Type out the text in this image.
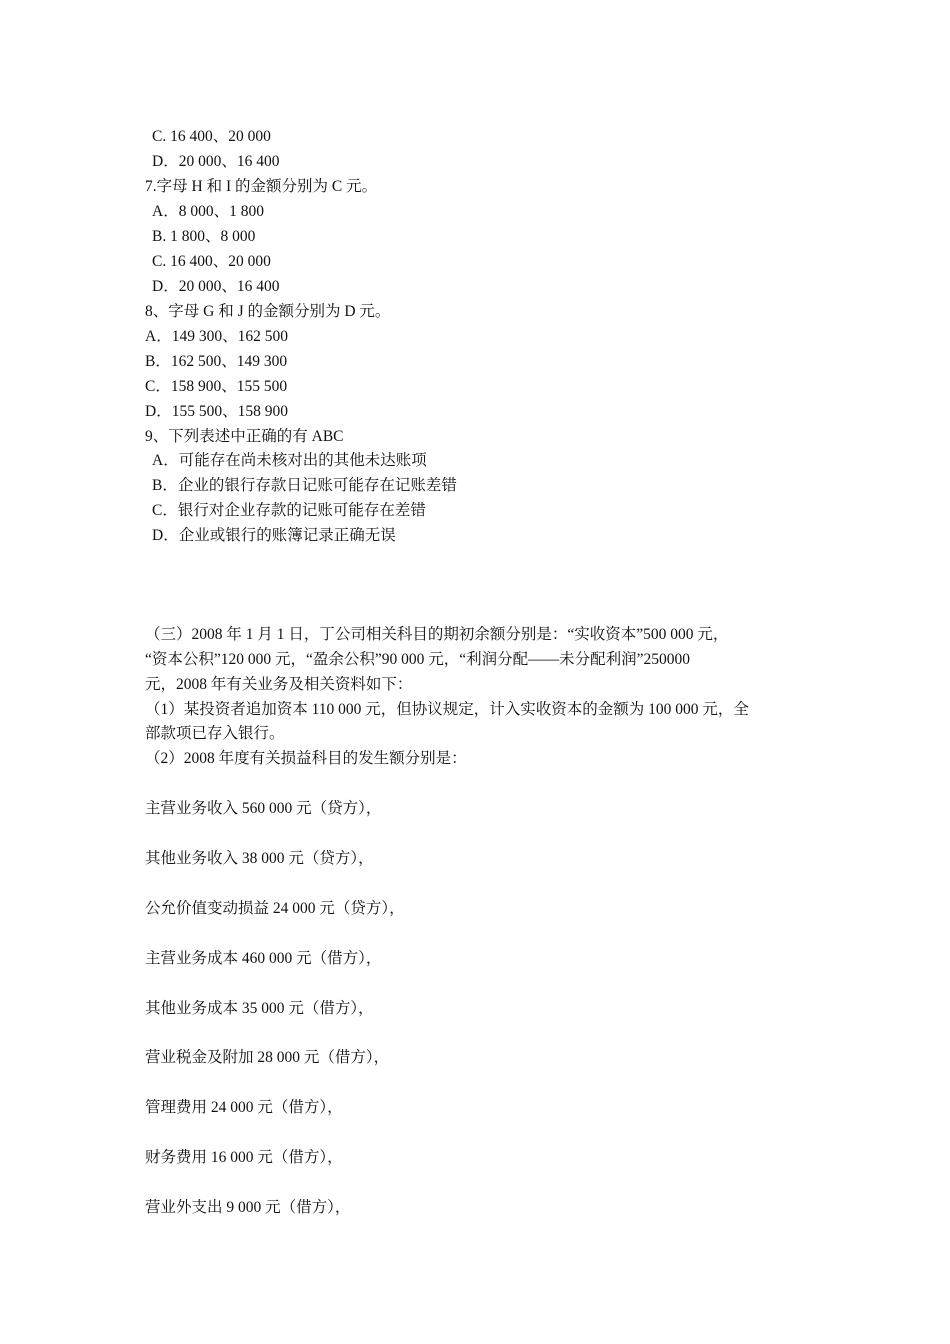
C. 16 400、20 000
D．20 000、16 400
7.字母 H 和 I 的金额分别为 C 元。
A．8 000、1 800
B. 1 800、8 000
C. 16 400、20 000
D．20 000、16 400
8、字母 G 和 J 的金额分别为 D 元。
A．149 300、162 500
B．162 500、149 300
C．158 900、155 500
D．155 500、158 900
9、下列表述中正确的有 ABC
A．可能存在尚未核对出的其他未达账项
B．企业的银行存款日记账可能存在记账差错
C．银行对企业存款的记账可能存在差错
D．企业或银行的账簿记录正确无误
（三）2008 年 1 月 1 日，丁公司相关科目的期初余额分别是：“实收资本”500 000 元，
“资本公积”120 000 元，“盈余公积”90 000 元，“利润分配——未分配利润”250000
元，2008 年有关业务及相关资料如下：
（1）某投资者追加资本 110 000 元，但协议规定，计入实收资本的金额为 100 000 元，全
部款项已存入银行。
（2）2008 年度有关损益科目的发生额分别是：
主营业务收入 560 000 元（贷方），
其他业务收入 38 000 元（贷方），
公允价值变动损益 24 000 元（贷方），
主营业务成本 460 000 元（借方），
其他业务成本 35 000 元（借方），
营业税金及附加 28 000 元（借方），
管理费用 24 000 元（借方），
财务费用 16 000 元（借方），
营业外支出 9 000 元（借方），
